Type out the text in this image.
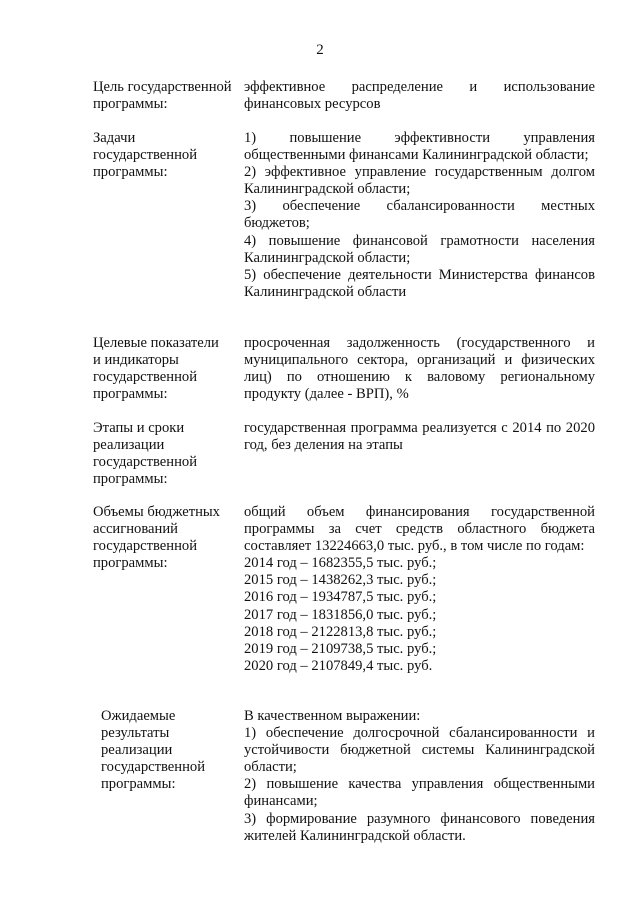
2
Цель государственной
программы:
эффективное распределение и использование финансовых ресурсов
Задачи
государственной
программы:
1) повышение эффективности управления общественными финансами Калининградской области;
2) эффективное управление государственным долгом Калининградской области;
3) обеспечение сбалансированности местных бюджетов;
4) повышение финансовой грамотности населения Калининградской области;
5) обеспечение деятельности Министерства финансов Калининградской области
Целевые показатели
и индикаторы
государственной
программы:
просроченная задолженность (государственного и муниципального сектора, организаций и физических лиц) по отношению к валовому региональному продукту (далее - ВРП), %
Этапы и сроки
реализации
государственной
программы:
государственная программа реализуется с 2014 по 2020 год, без деления на этапы
Объемы бюджетных
ассигнований
государственной
программы:
общий объем финансирования государственной программы за счет средств областного бюджета составляет 13224663,0 тыс. руб., в том числе по годам:
2014 год – 1682355,5 тыс. руб.;
2015 год – 1438262,3 тыс. руб.;
2016 год – 1934787,5 тыс. руб.;
2017 год – 1831856,0 тыс. руб.;
2018 год – 2122813,8 тыс. руб.;
2019 год – 2109738,5 тыс. руб.;
2020 год – 2107849,4 тыс. руб.
Ожидаемые
результаты
реализации
государственной
программы:
В качественном выражении:
1) обеспечение долгосрочной сбалансированности и устойчивости бюджетной системы Калининградской области;
2) повышение качества управления общественными финансами;
3) формирование разумного финансового поведения жителей Калининградской области.
